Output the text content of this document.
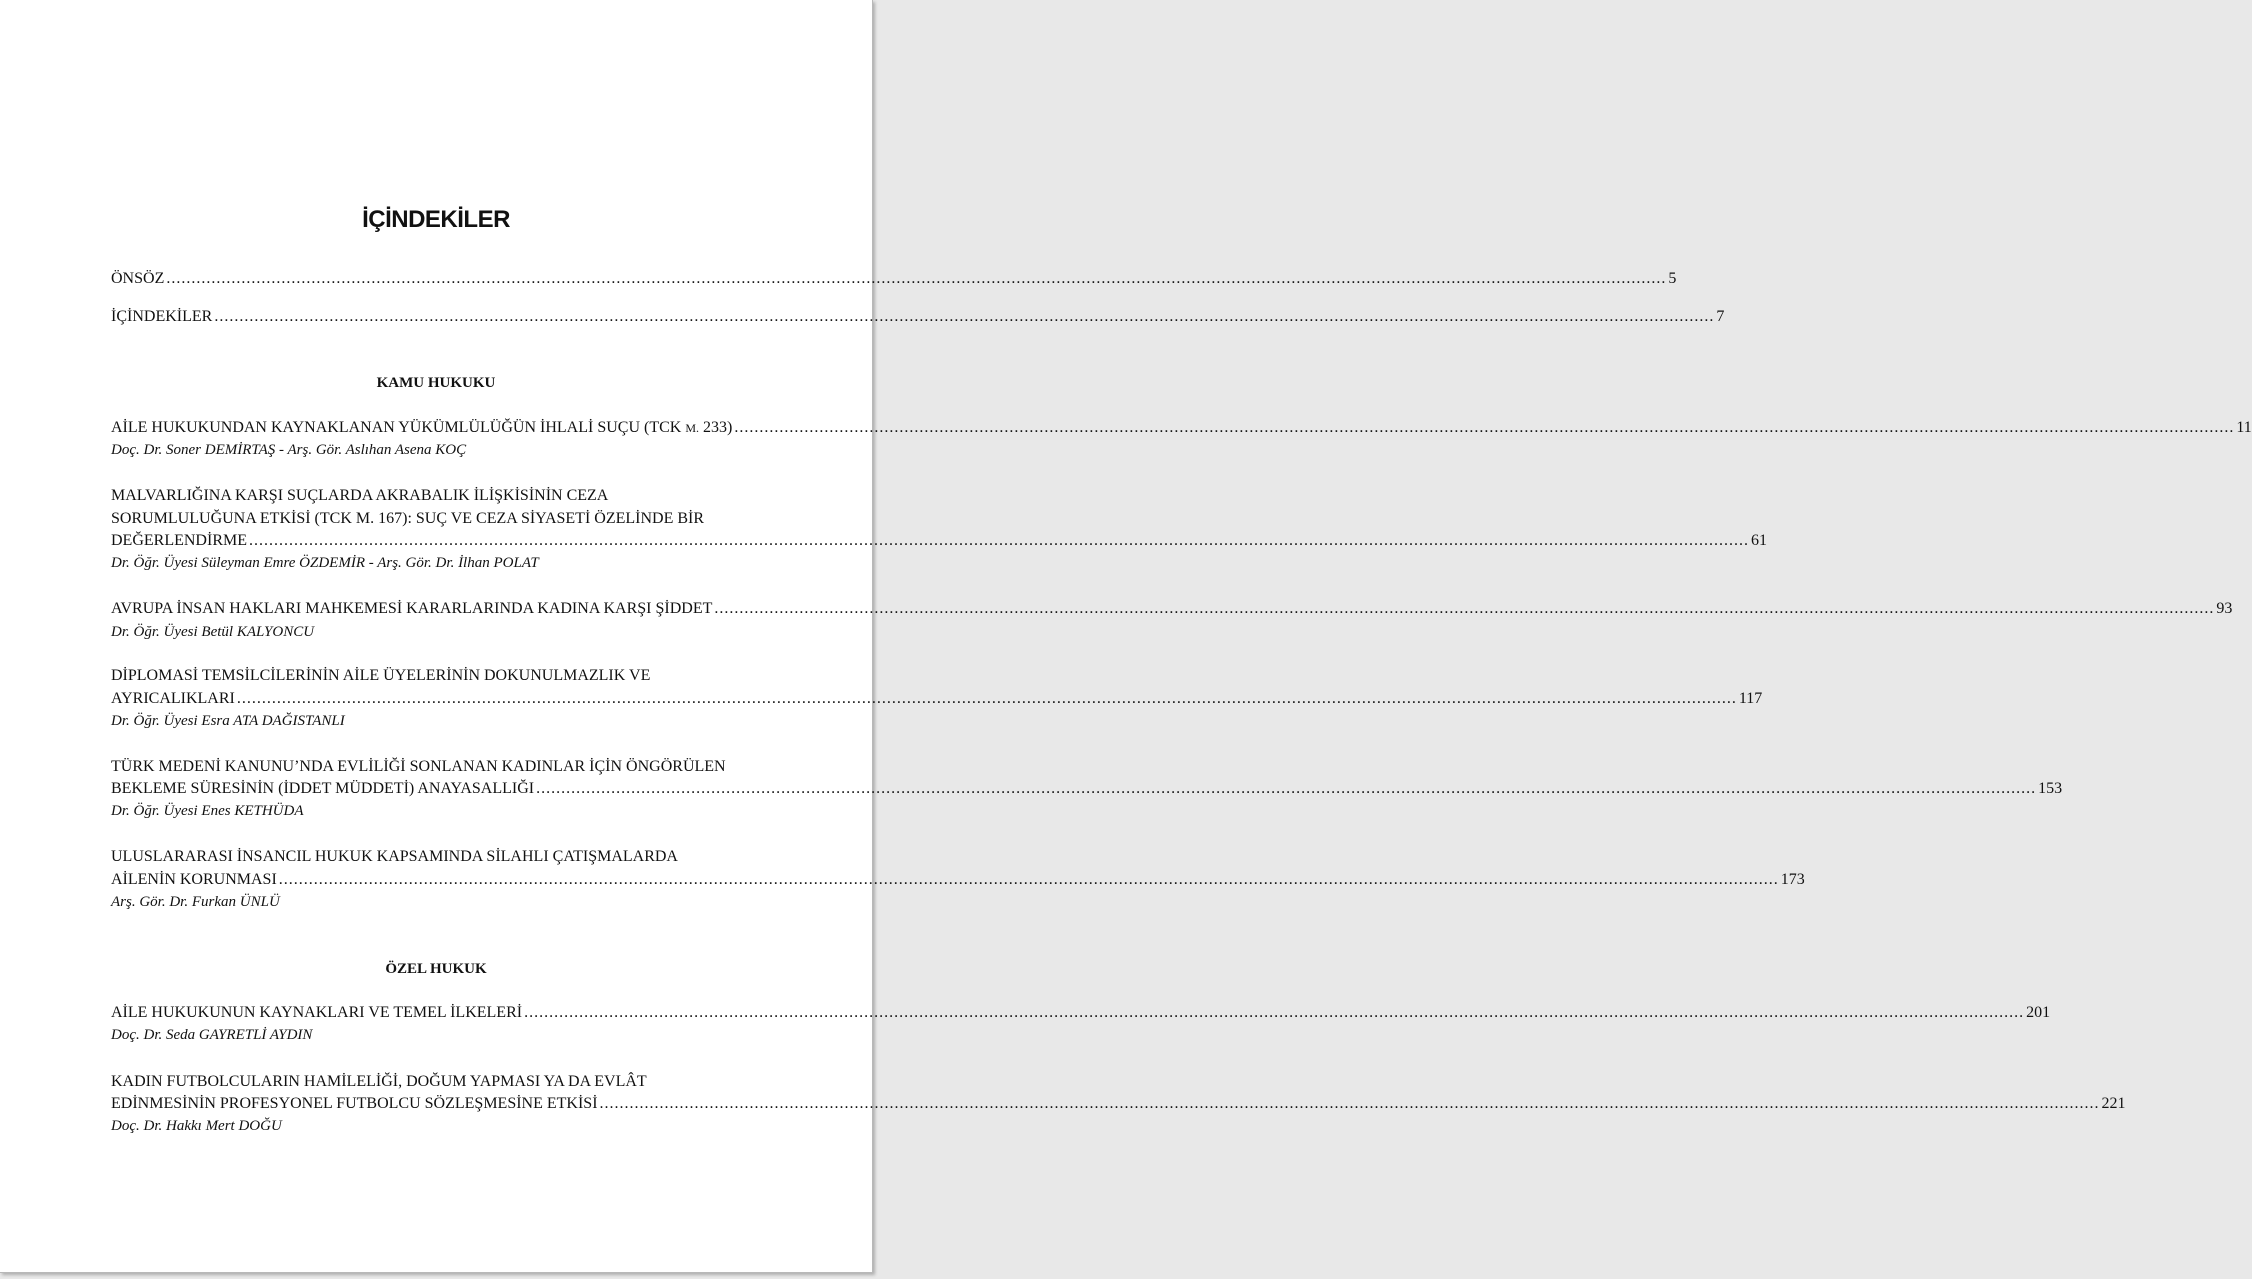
İÇİNDEKİLER
ÖNSÖZ ............................................................................................................................................................................................................................................................................................................ 5
İÇİNDEKİLER ............................................................................................................................................................................................................................................................................................................ 7
KAMU HUKUKU
AİLE HUKUKUNDAN KAYNAKLANAN YÜKÜMLÜLÜĞÜN İHLALİ SUÇU (TCK M. 233) ............................................................................................................................................................................................................................................................................................................ 11
Doç. Dr. Soner DEMİRTAŞ - Arş. Gör. Aslıhan Asena KOÇ
MALVARLIĞINA KARŞI SUÇLARDA AKRABALIK İLİŞKİSİNİN CEZA
SORUMLULUĞUNA ETKİSİ (TCK M. 167): SUÇ VE CEZA SİYASETİ ÖZELİNDE BİR
DEĞERLENDİRME ............................................................................................................................................................................................................................................................................................................ 61
Dr. Öğr. Üyesi Süleyman Emre ÖZDEMİR - Arş. Gör. Dr. İlhan POLAT
AVRUPA İNSAN HAKLARI MAHKEMESİ KARARLARINDA KADINA KARŞI ŞİDDET ............................................................................................................................................................................................................................................................................................................ 93
Dr. Öğr. Üyesi Betül KALYONCU
DİPLOMASİ TEMSİLCİLERİNİN AİLE ÜYELERİNİN DOKUNULMAZLIK VE
AYRICALIKLARI ............................................................................................................................................................................................................................................................................................................ 117
Dr. Öğr. Üyesi Esra ATA DAĞISTANLI
TÜRK MEDENİ KANUNU’NDA EVLİLİĞİ SONLANAN KADINLAR İÇİN ÖNGÖRÜLEN
BEKLEME SÜRESİNİN (İDDET MÜDDETİ) ANAYASALLIĞI ............................................................................................................................................................................................................................................................................................................ 153
Dr. Öğr. Üyesi Enes KETHÜDA
ULUSLARARASI İNSANCIL HUKUK KAPSAMINDA SİLAHLI ÇATIŞMALARDA
AİLENİN KORUNMASI ............................................................................................................................................................................................................................................................................................................ 173
Arş. Gör. Dr. Furkan ÜNLÜ
ÖZEL HUKUK
AİLE HUKUKUNUN KAYNAKLARI VE TEMEL İLKELERİ ............................................................................................................................................................................................................................................................................................................ 201
Doç. Dr. Seda GAYRETLİ AYDIN
KADIN FUTBOLCULARIN HAMİLELİĞİ, DOĞUM YAPMASI YA DA EVLÂT
EDİNMESİNİN PROFESYONEL FUTBOLCU SÖZLEŞMESİNE ETKİSİ ............................................................................................................................................................................................................................................................................................................ 221
Doç. Dr. Hakkı Mert DOĞU
